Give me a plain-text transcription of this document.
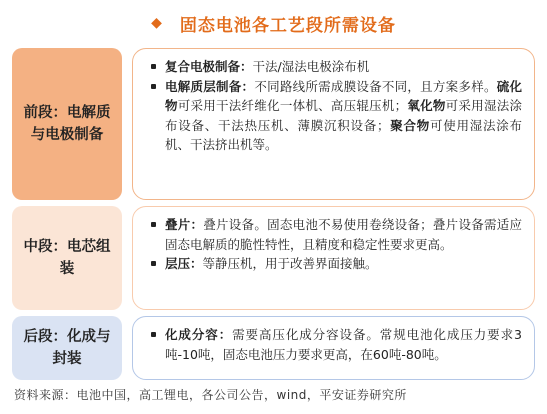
◆ 固态电池各工艺段所需设备
前段：电解质与电极制备
复合电极制备：干法/湿法电极涂布机
电解质层制备：不同路线所需成膜设备不同，且方案多样。硫化物可采用干法纤维化一体机、高压辊压机；氧化物可采用湿法涂布设备、干法热压机、薄膜沉积设备；聚合物可使用湿法涂布机、干法挤出机等。
中段：电芯组装
叠片：叠片设备。固态电池不易使用卷绕设备；叠片设备需适应固态电解质的脆性特性，且精度和稳定性要求更高。
层压：等静压机，用于改善界面接触。
后段：化成与封装
化成分容：需要高压化成分容设备。常规电池化成压力要求3吨-10吨，固态电池压力要求更高，在60吨-80吨。
资料来源：电池中国，高工锂电，各公司公告，wind，平安证券研究所
